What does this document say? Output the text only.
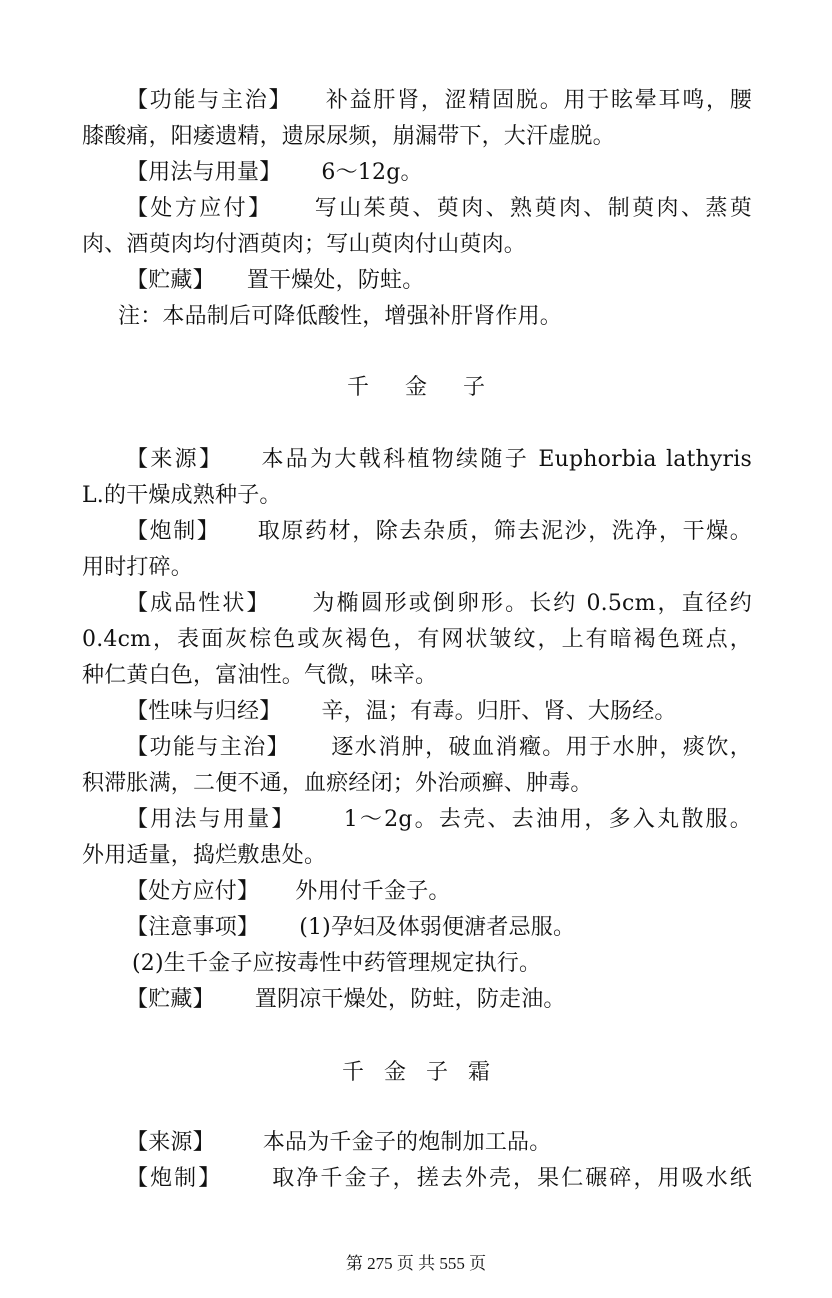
【功能与主治】 补益肝肾，涩精固脱。用于眩晕耳鸣，腰
膝酸痛，阳痿遗精，遗尿尿频，崩漏带下，大汗虚脱。
【用法与用量】 6～12g。
【处方应付】 写山茱萸、萸肉、熟萸肉、制萸肉、蒸萸
肉、酒萸肉均付酒萸肉；写山萸肉付山萸肉。
【贮藏】 置干燥处，防蛀。
注：本品制后可降低酸性，增强补肝肾作用。
千 金 子
【来源】 本品为大戟科植物续随子 Euphorbia lathyris
L.的干燥成熟种子。
【炮制】 取原药材，除去杂质，筛去泥沙，洗净，干燥。
用时打碎。
【成品性状】 为椭圆形或倒卵形。长约 0.5cm，直径约
0.4cm，表面灰棕色或灰褐色，有网状皱纹，上有暗褐色斑点，
种仁黄白色，富油性。气微，味辛。
【性味与归经】 辛，温；有毒。归肝、肾、大肠经。
【功能与主治】 逐水消肿，破血消癥。用于水肿，痰饮，
积滞胀满，二便不通，血瘀经闭；外治顽癣、肿毒。
【用法与用量】 1～2g。去壳、去油用，多入丸散服。
外用适量，捣烂敷患处。
【处方应付】 外用付千金子。
【注意事项】 (1)孕妇及体弱便溏者忌服。
(2)生千金子应按毒性中药管理规定执行。
【贮藏】 置阴凉干燥处，防蛀，防走油。
千 金 子 霜
【来源】 本品为千金子的炮制加工品。
【炮制】 取净千金子，搓去外壳，果仁碾碎，用吸水纸
第 275 页 共 555 页
